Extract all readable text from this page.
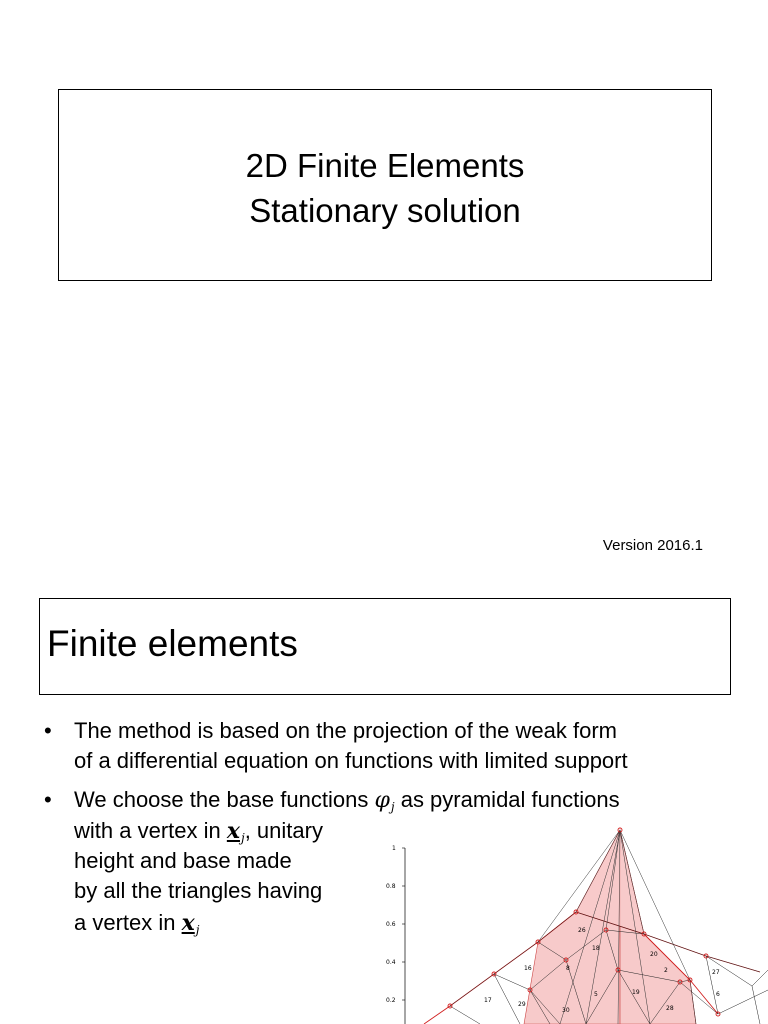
2D Finite Elements
Stationary solution
Version 2016.1
Finite elements
• The method is based on the projection of the weak form
of a differential equation on functions with limited support
• We choose the base functions $\varphi_j$ as pyramidal functions
with a vertex in $x_j$, unitary
height and base made
by all the triangles having
a vertex in $x_j$
1
0.8
0.6
0.4
0.2
26
18
20
16	8	2	27
17
29
5	19	6
30	28
